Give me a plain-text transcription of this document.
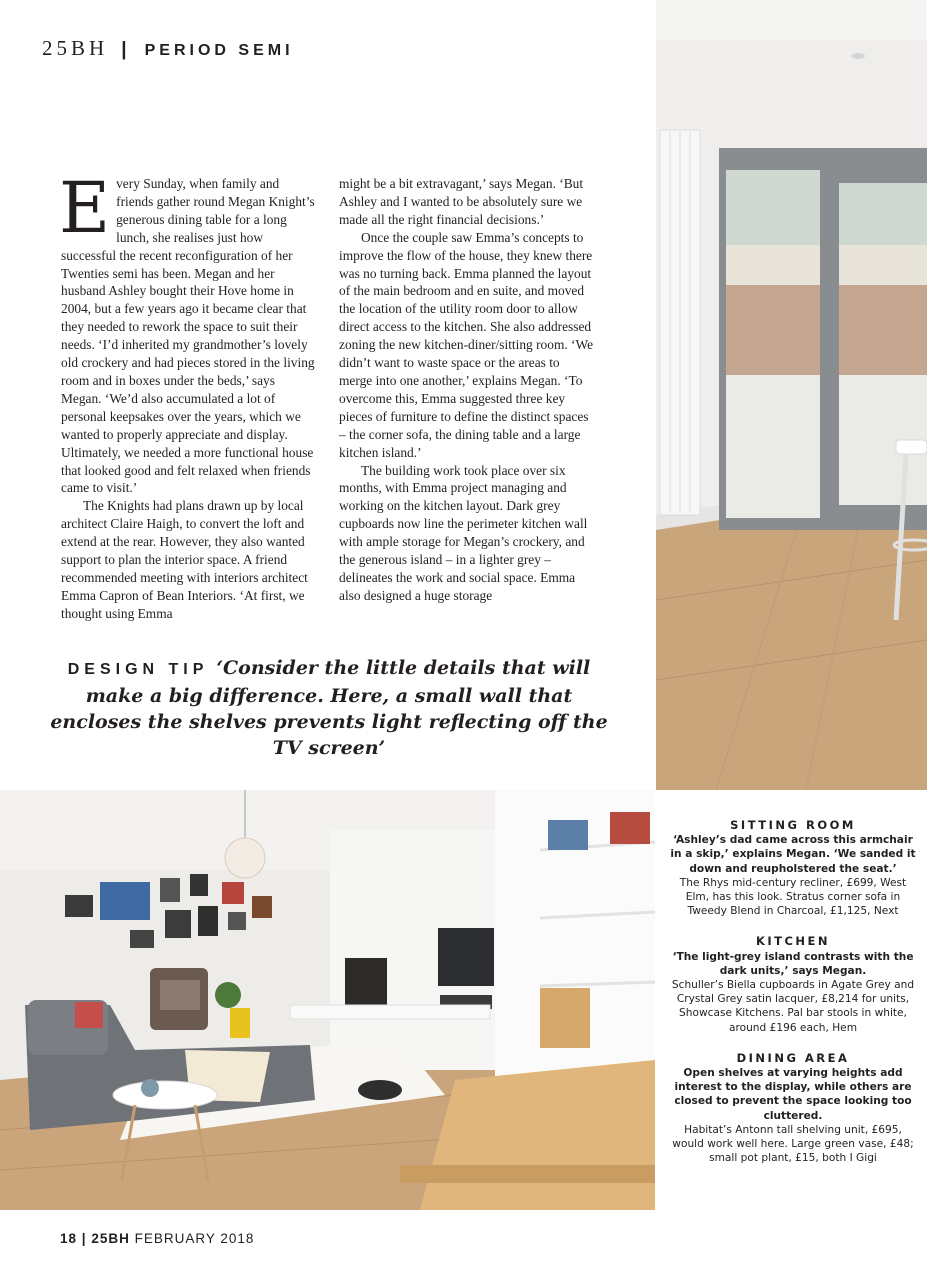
25BH | PERIOD SEMI

Every Sunday, when family and friends gather round Megan Knight’s generous dining table for a long lunch, she realises just how successful the recent reconfiguration of her Twenties semi has been. Megan and her husband Ashley bought their Hove home in 2004, but a few years ago it became clear that they needed to rework the space to suit their needs. ‘I’d inherited my grandmother’s lovely old crockery and had pieces stored in the living room and in boxes under the beds,’ says Megan. ‘We’d also accumulated a lot of personal keepsakes over the years, which we wanted to properly appreciate and display. Ultimately, we needed a more functional house that looked good and felt relaxed when friends came to visit.’

The Knights had plans drawn up by local architect Claire Haigh, to convert the loft and extend at the rear. However, they also wanted support to plan the interior space. A friend recommended meeting with interiors architect Emma Capron of Bean Interiors. ‘At first, we thought using Emma

might be a bit extravagant,’ says Megan. ‘But Ashley and I wanted to be absolutely sure we made all the right financial decisions.’

Once the couple saw Emma’s concepts to improve the flow of the house, they knew there was no turning back. Emma planned the layout of the main bedroom and en suite, and moved the location of the utility room door to allow direct access to the kitchen. She also addressed zoning the new kitchen-diner/sitting room. ‘We didn’t want to waste space or the areas to merge into one another,’ explains Megan. ‘To overcome this, Emma suggested three key pieces of furniture to define the distinct spaces – the corner sofa, the dining table and a large kitchen island.’

The building work took place over six months, with Emma project managing and working on the kitchen layout. Dark grey cupboards now line the perimeter kitchen wall with ample storage for Megan’s crockery, and the generous island – in a lighter grey – delineates the work and social space. Emma also designed a huge storage

DESIGN TIP ‘Consider the little details that will make a big difference. Here, a small wall that encloses the shelves prevents light reflecting off the TV screen’
SITTING ROOM
‘Ashley’s dad came across this armchair in a skip,’ explains Megan. ‘We sanded it down and reupholstered the seat.’
The Rhys mid-century recliner, £699, West Elm, has this look. Stratus corner sofa in Tweedy Blend in Charcoal, £1,125, Next
KITCHEN
‘The light-grey island contrasts with the dark units,’ says Megan.
Schuller’s Biella cupboards in Agate Grey and Crystal Grey satin lacquer, £8,214 for units, Showcase Kitchens. Pal bar stools in white, around £196 each, Hem
DINING AREA
Open shelves at varying heights add interest to the display, while others are closed to prevent the space looking too cluttered.
Habitat’s Antonn tall shelving unit, £695, would work well here. Large green vase, £48; small pot plant, £15, both I Gigi
18 | 25BH FEBRUARY 2018
